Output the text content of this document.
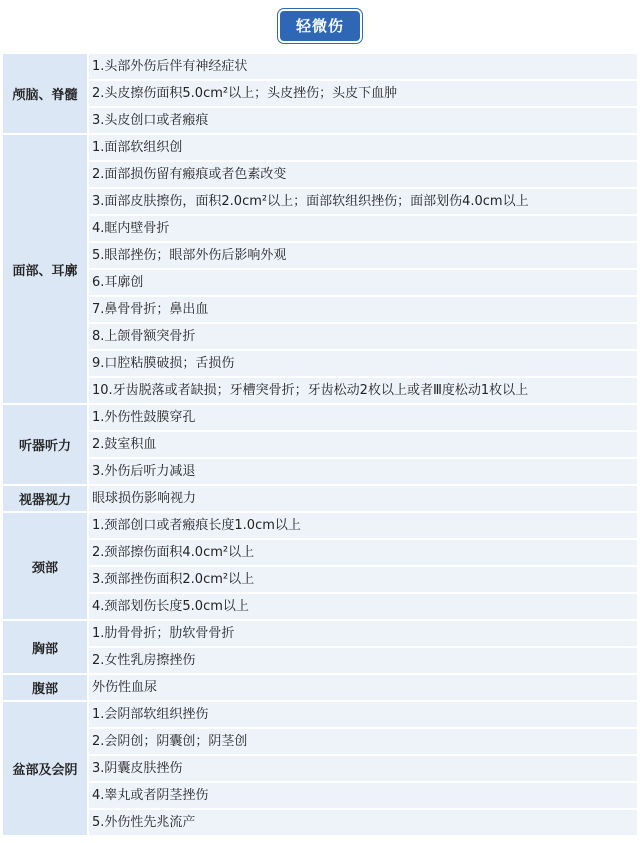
轻微伤
颅脑、脊髓	1.头部外伤后伴有神经症状
	2.头皮擦伤面积5.0cm²以上；头皮挫伤；头皮下血肿
	3.头皮创口或者瘢痕
面部、耳廓	1.面部软组织创
	2.面部损伤留有瘢痕或者色素改变
	3.面部皮肤擦伤，面积2.0cm²以上；面部软组织挫伤；面部划伤4.0cm以上
	4.眶内壁骨折
	5.眼部挫伤；眼部外伤后影响外观
	6.耳廓创
	7.鼻骨骨折；鼻出血
	8.上颌骨额突骨折
	9.口腔粘膜破损；舌损伤
	10.牙齿脱落或者缺损；牙槽突骨折；牙齿松动2枚以上或者Ⅲ度松动1枚以上
听器听力	1.外伤性鼓膜穿孔
	2.鼓室积血
	3.外伤后听力减退
视器视力	眼球损伤影响视力
颈部	1.颈部创口或者瘢痕长度1.0cm以上
	2.颈部擦伤面积4.0cm²以上
	3.颈部挫伤面积2.0cm²以上
	4.颈部划伤长度5.0cm以上
胸部	1.肋骨骨折；肋软骨骨折
	2.女性乳房擦挫伤
腹部	外伤性血尿
盆部及会阴	1.会阴部软组织挫伤
	2.会阴创；阴囊创；阴茎创
	3.阴囊皮肤挫伤
	4.睾丸或者阴茎挫伤
	5.外伤性先兆流产
